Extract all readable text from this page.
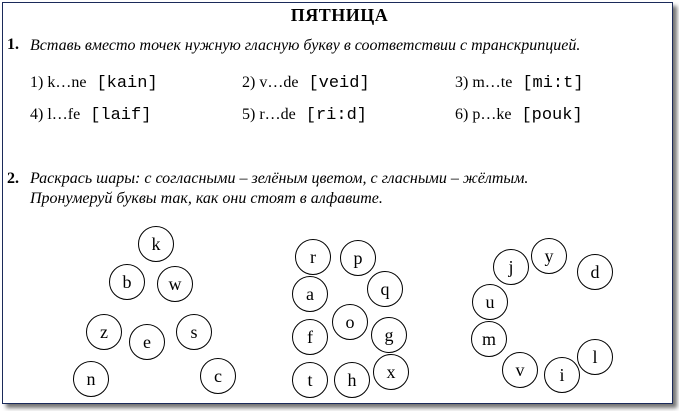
ПЯТНИЦА
1. Вставь вместо точек нужную гласную букву в соответствии с транскрипцией.
1) k…ne [kain]	2) v…de [veid]	3) m…te [mi:t]
4) l…fe [laif]	5) r…de [ri:d]	6) p…ke [pouk]
2. Раскрась шары: с согласными – зелёным цветом, с гласными – жёлтым.
Пронумеруй буквы так, как они стоят в алфавите.
k
b	w
z	e	s
n	c
r	p
a	q
o
f	g
t	h	x
j
y
d
u
m
l
v	i
